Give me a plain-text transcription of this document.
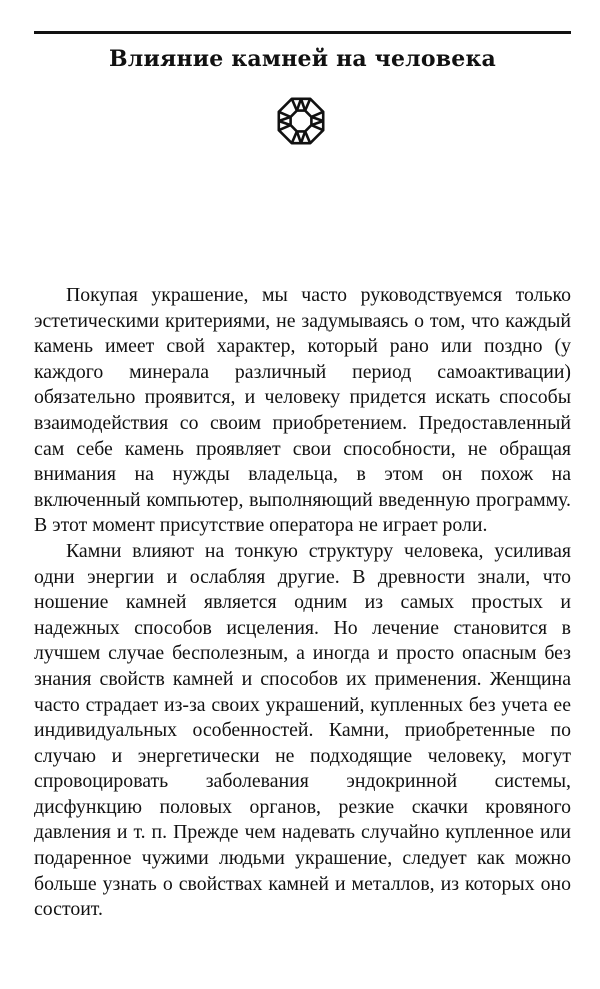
Влияние камней на человека

Покупая украшение, мы часто руководствуемся только эстетическими критериями, не задумываясь о том, что каждый камень имеет свой характер, который рано или поздно (у каждого минерала различный период самоактивации) обязательно проявится, и человеку придется искать способы взаимодействия со своим приобретением. Предоставленный сам себе камень проявляет свои способности, не обращая внимания на нужды владельца, в этом он похож на включенный компьютер, выполняющий введенную программу. В этот момент присутствие оператора не играет роли.

Камни влияют на тонкую структуру человека, усиливая одни энергии и ослабляя другие. В древности знали, что ношение камней является одним из самых простых и надежных способов исцеления. Но лечение становится в лучшем случае бесполезным, а иногда и просто опасным без знания свойств камней и способов их применения. Женщина часто страдает из-за своих украшений, купленных без учета ее индивидуальных особенностей. Камни, приобретенные по случаю и энергетически не подходящие человеку, могут спровоцировать заболевания эндокринной системы, дисфункцию половых органов, резкие скачки кровяного давления и т. п. Прежде чем надевать случайно купленное или подаренное чужими людьми украшение, следует как можно больше узнать о свойствах камней и металлов, из которых оно состоит.
